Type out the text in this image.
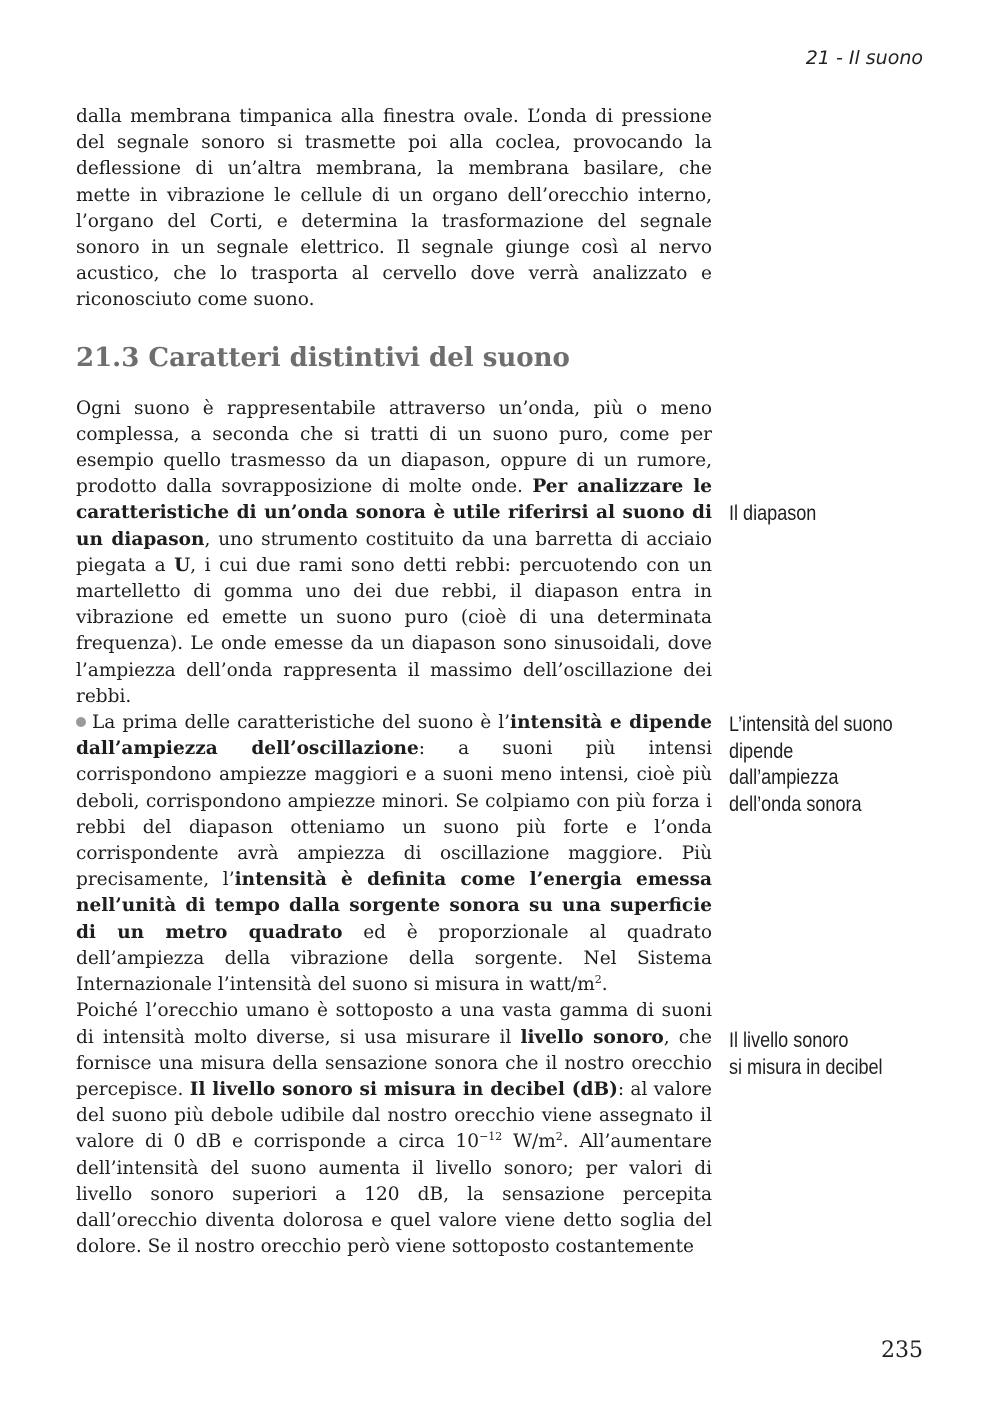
21 - Il suono

dalla membrana timpanica alla finestra ovale. L’onda di pressione del segnale sonoro si trasmette poi alla coclea, provocando la deflessione di un’altra membrana, la membrana basilare, che mette in vibrazione le cellule di un organo dell’orecchio interno, l’organo del Corti, e determina la trasformazione del segnale sonoro in un segnale elettrico. Il segnale giunge così al nervo acustico, che lo trasporta al cervello dove verrà analizzato e riconosciuto come suono.

21.3 Caratteri distintivi del suono

Ogni suono è rappresentabile attraverso un’onda, più o meno complessa, a seconda che si tratti di un suono puro, come per esempio quello trasmesso da un diapason, oppure di un rumore, prodotto dalla sovrapposizione di molte onde. Per analizzare le caratteristiche di un’onda sonora è utile riferirsi al suono di un diapason, uno strumento costituito da una barretta di acciaio piegata a U, i cui due rami sono detti rebbi: percuotendo con un martelletto di gomma uno dei due rebbi, il diapason entra in vibrazione ed emette un suono puro (cioè di una determinata frequenza). Le onde emesse da un diapason sono sinusoidali, dove l’ampiezza dell’onda rappresenta il massimo dell’oscillazione dei rebbi.

La prima delle caratteristiche del suono è l’intensità e dipende dall’ampiezza dell’oscillazione: a suoni più intensi corrispondono ampiezze maggiori e a suoni meno intensi, cioè più deboli, corrispondono ampiezze minori. Se colpiamo con più forza i rebbi del diapason otteniamo un suono più forte e l’onda corrispondente avrà ampiezza di oscillazione maggiore. Più precisamente, l’intensità è definita come l’energia emessa nell’unità di tempo dalla sorgente sonora su una superficie di un metro quadrato ed è proporzionale al quadrato dell’ampiezza della vibrazione della sorgente. Nel Sistema Internazionale l’intensità del suono si misura in watt/$m^2$.

Poiché l’orecchio umano è sottoposto a una vasta gamma di suoni di intensità molto diverse, si usa misurare il livello sonoro, che fornisce una misura della sensazione sonora che il nostro orecchio percepisce. Il livello sonoro si misura in decibel (dB): al valore del suono più debole udibile dal nostro orecchio viene assegnato il valore di 0 dB e corrisponde a circa $10^{-12}$ $W/m^2$. All’aumentare dell’intensità del suono aumenta il livello sonoro; per valori di livello sonoro superiori a 120 dB, la sensazione percepita dall’orecchio diventa dolorosa e quel valore viene detto soglia del dolore. Se il nostro orecchio però viene sottoposto costantemente

Il diapason
L’intensità del suono
dipende
dall’ampiezza
dell’onda sonora
Il livello sonoro
si misura in decibel
235
